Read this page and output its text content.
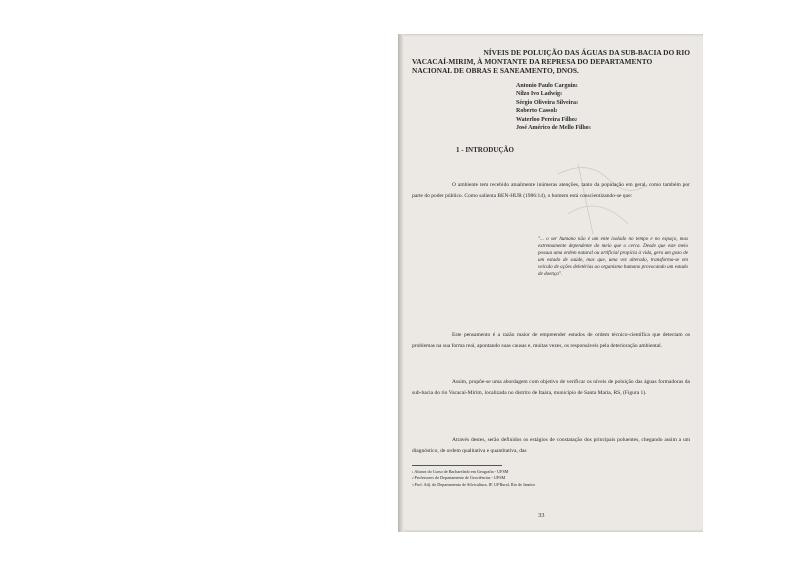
NÍVEIS DE POLUIÇÃO DAS ÁGUAS DA SUB-BACIA DO RIO
VACACAÍ-MIRIM, À MONTANTE DA REPRESA DO DEPARTAMENTO
NACIONAL DE OBRAS E SANEAMENTO, DNOS.
Antonio Paulo Cargnin$^1$
Nilzo Ivo Ladwig$^1$
Sérgio Oliveira Silveira$^1$
Roberto Cassol$^2$
Waterloo Pereira Filho$^2$
José Américo de Mello Filho$^3$
1 - INTRODUÇÃO

O ambiente tem recebido atualmente inúmeras atenções, tanto da população em geral, como também por parte do poder público. Como salienta BEN-HUR (1986:14), o homem está conscientizando-se que:

"... o ser humano não é um ente isolado no tempo e no espaço, mas extremamente dependente do meio que o cerca. Desde que este meio possua uma ordem natural ou artificial propícia à vida, gera um gozo de um estado de saúde, mas que, uma vez alterado, transforma-se em veículo de ações deletérias ao organismo humano provocando um estado de doença".

Este pensamento é a razão maior de empreender estudos de ordem técnico-científica que detectam os problemas na sua forma real, apontando suas causas e, muitas vezes, os responsáveis pela deterioração ambiental.

Assim, propõe-se uma abordagem com objetivo de verificar os níveis de poluição das águas formadoras da sub-bacia do rio Vacacaí-Mirim, localizada no distrito de Itaára, município de Santa Maria, RS, (Figura 1).

Através destes, serão definidos os estágios de constatação dos principais poluentes, chegando assim a um diagnóstico, de ordem qualitativa e quantitativa, das

$^1$ Alunos do Curso de Bacharelado em Geografia - UFSM
$^2$ Professores do Departamento de Geociências - UFSM
$^3$ Prof. Adj. do Departamento de Silvicultura, IF, UFRural, Rio de Janeiro
33
